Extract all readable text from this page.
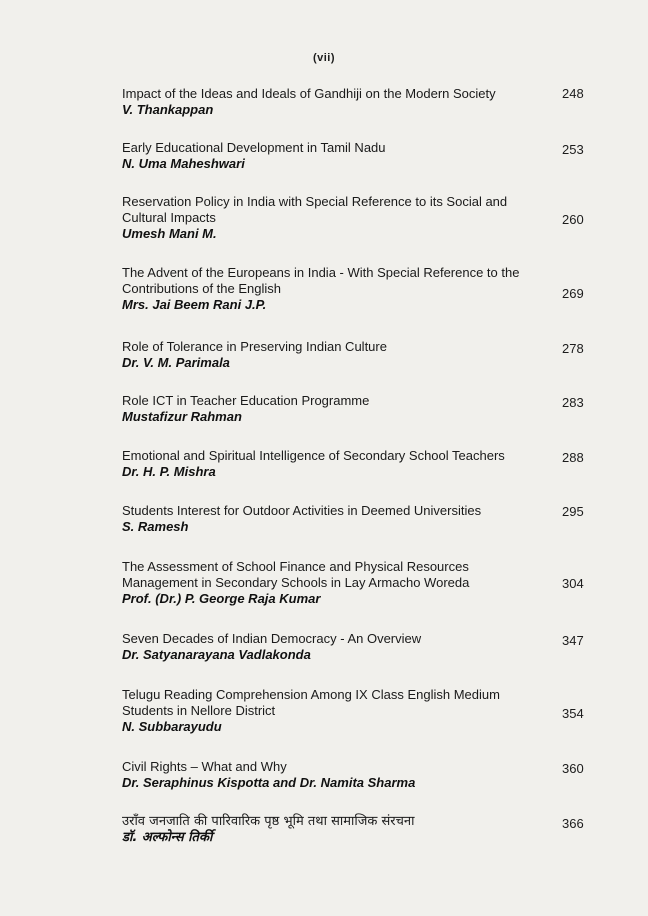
(vii)
Impact of the Ideas and Ideals of Gandhiji on the Modern Society
V. Thankappan
248
Early Educational Development in Tamil Nadu
N. Uma Maheshwari
253
Reservation Policy in India with Special Reference to its Social and Cultural Impacts
Umesh Mani M.
260
The Advent of the Europeans in India - With Special Reference to the Contributions of the English
Mrs. Jai Beem Rani J.P.
269
Role of Tolerance in Preserving Indian Culture
Dr. V. M. Parimala
278
Role ICT in Teacher Education Programme
Mustafizur Rahman
283
Emotional and Spiritual Intelligence of Secondary School Teachers
Dr. H. P. Mishra
288
Students Interest for Outdoor Activities in Deemed Universities
S. Ramesh
295
The Assessment of School Finance and Physical Resources Management in Secondary Schools in Lay Armacho Woreda
Prof. (Dr.) P. George Raja Kumar
304
Seven Decades of Indian Democracy - An Overview
Dr. Satyanarayana Vadlakonda
347
Telugu Reading Comprehension Among IX Class English Medium Students in Nellore District
N. Subbarayudu
354
Civil Rights – What and Why
Dr. Seraphinus Kispotta and Dr. Namita Sharma
360
उराँव जनजाति की पारिवारिक पृष्ठ भूमि तथा सामाजिक संरचना
डॉ. अल्फोन्स तिर्की
366
